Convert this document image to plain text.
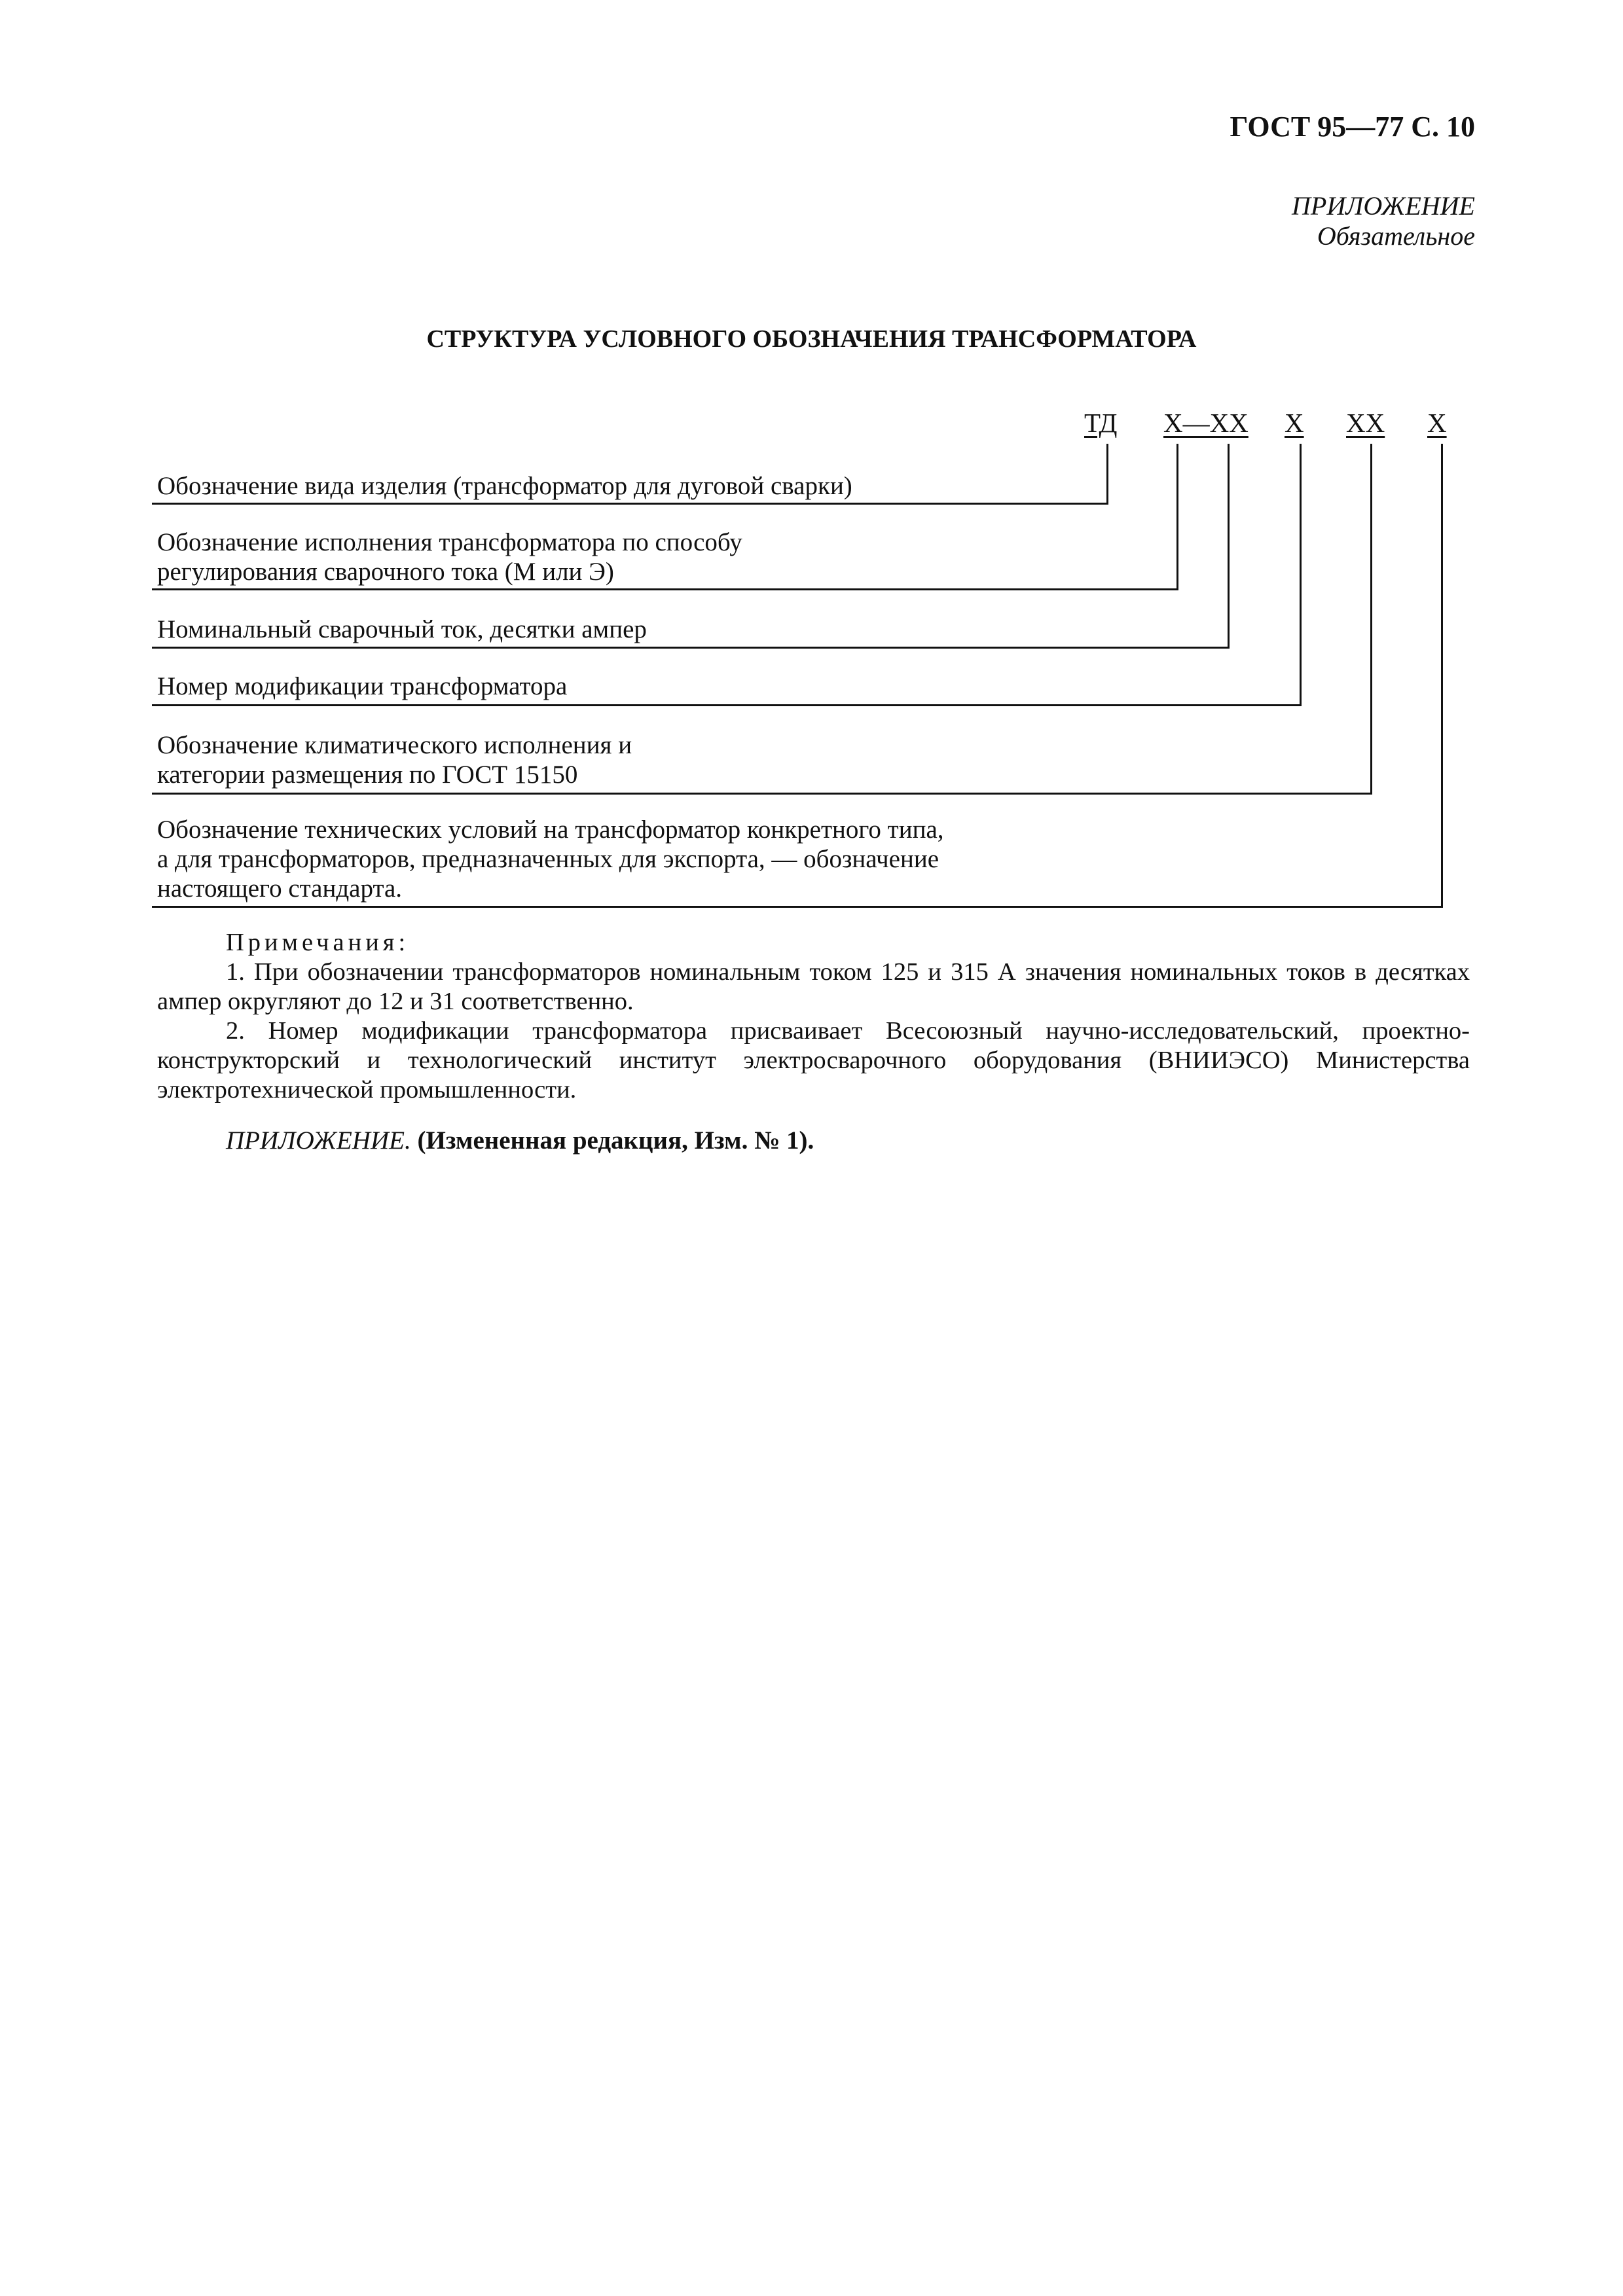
ГОСТ 95—77 С. 10
ПРИЛОЖЕНИЕ
Обязательное
СТРУКТУРА УСЛОВНОГО ОБОЗНАЧЕНИЯ ТРАНСФОРМАТОРА
ТД Х—ХХ Х ХХ Х
Обозначение вида изделия (трансформатор для дуговой сварки)
Обозначение исполнения трансформатора по способу
регулирования сварочного тока (М или Э)
Номинальный сварочный ток, десятки ампер
Номер модификации трансформатора
Обозначение климатического исполнения и
категории размещения по ГОСТ 15150
Обозначение технических условий на трансформатор конкретного типа,
а для трансформаторов, предназначенных для экспорта, — обозначение
настоящего стандарта.
Примечания:
1. При обозначении трансформаторов номинальным током 125 и 315 А значения номинальных токов в десятках ампер округляют до 12 и 31 соответственно.
2. Номер модификации трансформатора присваивает Всесоюзный научно-исследовательский, проектно-конструкторский и технологический институт электросварочного оборудования (ВНИИЭСО) Министерства электротехнической промышленности.
ПРИЛОЖЕНИЕ. (Измененная редакция, Изм. № 1).
